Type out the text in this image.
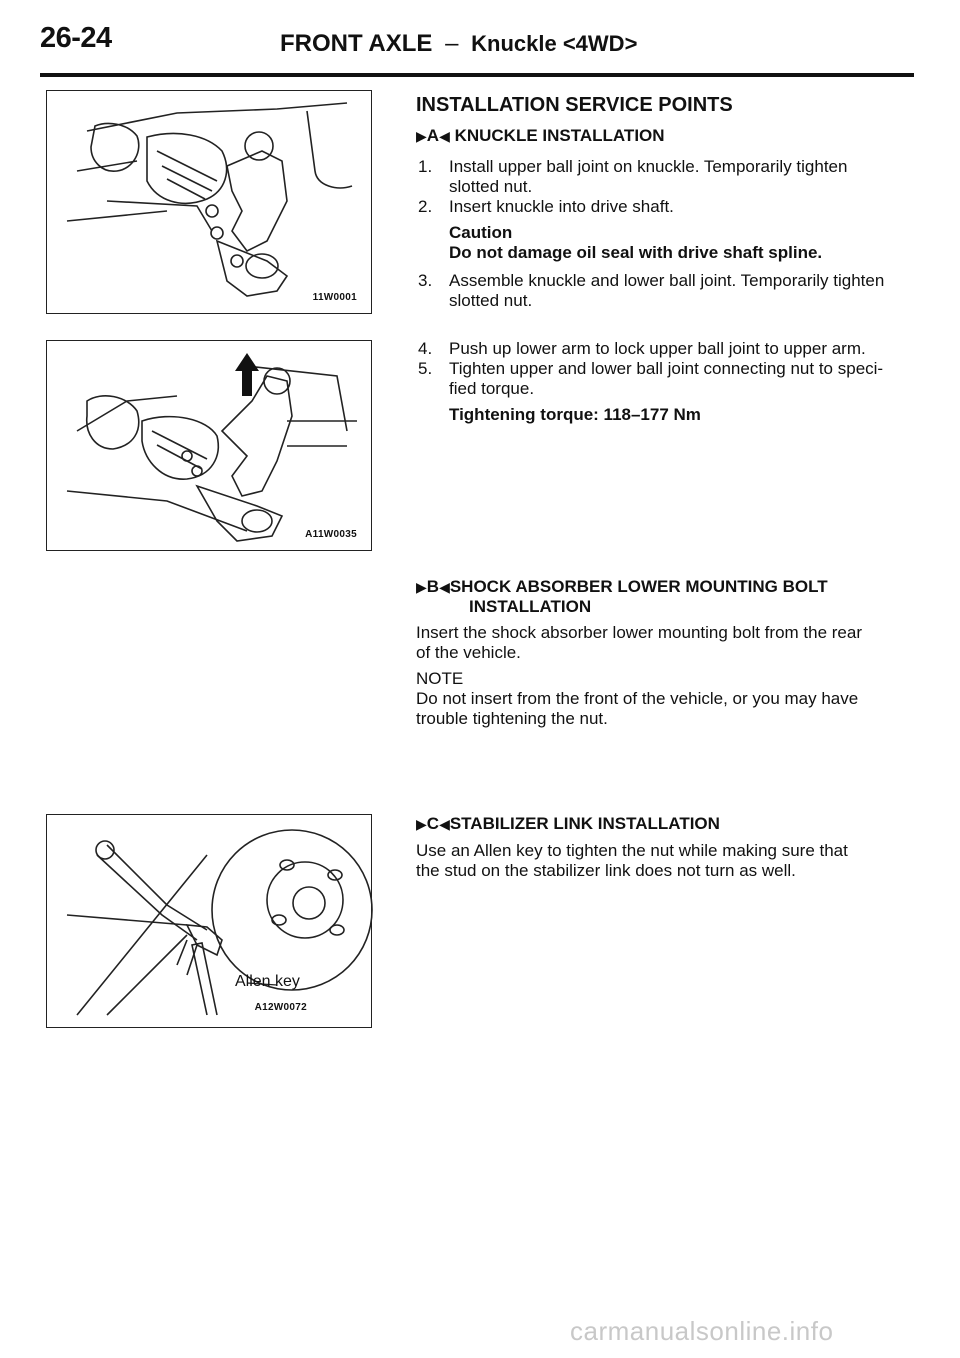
26-24	FRONT AXLE – Knuckle <4WD>
11W0001
A11W0035
Allen key
A12W0072
INSTALLATION SERVICE POINTS
▶A◀ KNUCKLE INSTALLATION
1. Install upper ball joint on knuckle. Temporarily tighten
slotted nut.
2. Insert knuckle into drive shaft.
Caution
Do not damage oil seal with drive shaft spline.
3. Assemble knuckle and lower ball joint. Temporarily tighten
slotted nut.
4. Push up lower arm to lock upper ball joint to upper arm.
5. Tighten upper and lower ball joint connecting nut to speci-
fied torque.
Tightening torque: 118–177 Nm
▶B◀SHOCK ABSORBER LOWER MOUNTING BOLT
INSTALLATION
Insert the shock absorber lower mounting bolt from the rear
of the vehicle.
NOTE
Do not insert from the front of the vehicle, or you may have
trouble tightening the nut.
▶C◀STABILIZER LINK INSTALLATION
Use an Allen key to tighten the nut while making sure that
the stud on the stabilizer link does not turn as well.
carmanualsonline.info
